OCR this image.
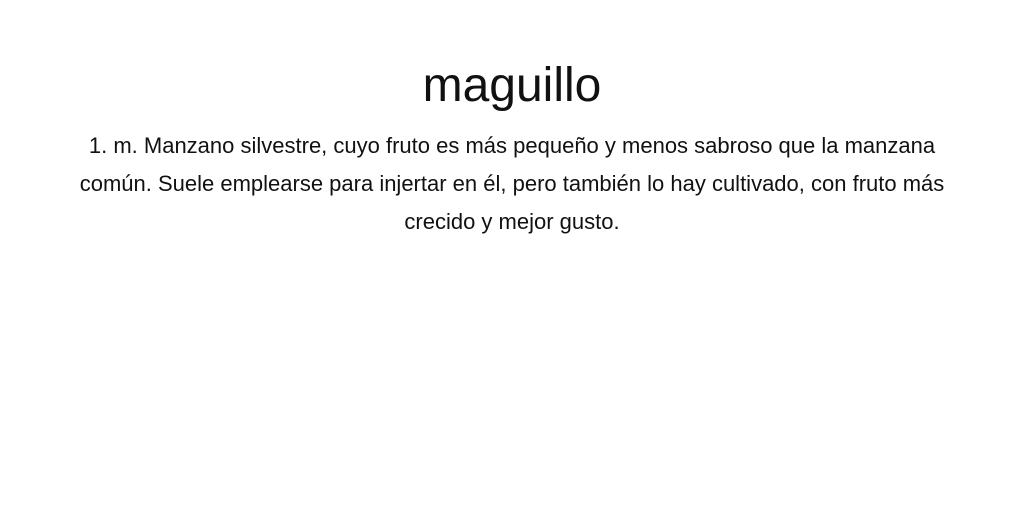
maguillo

1. m. Manzano silvestre, cuyo fruto es más pequeño y menos sabroso que la manzana común. Suele emplearse para injertar en él, pero también lo hay cultivado, con fruto más crecido y mejor gusto.
